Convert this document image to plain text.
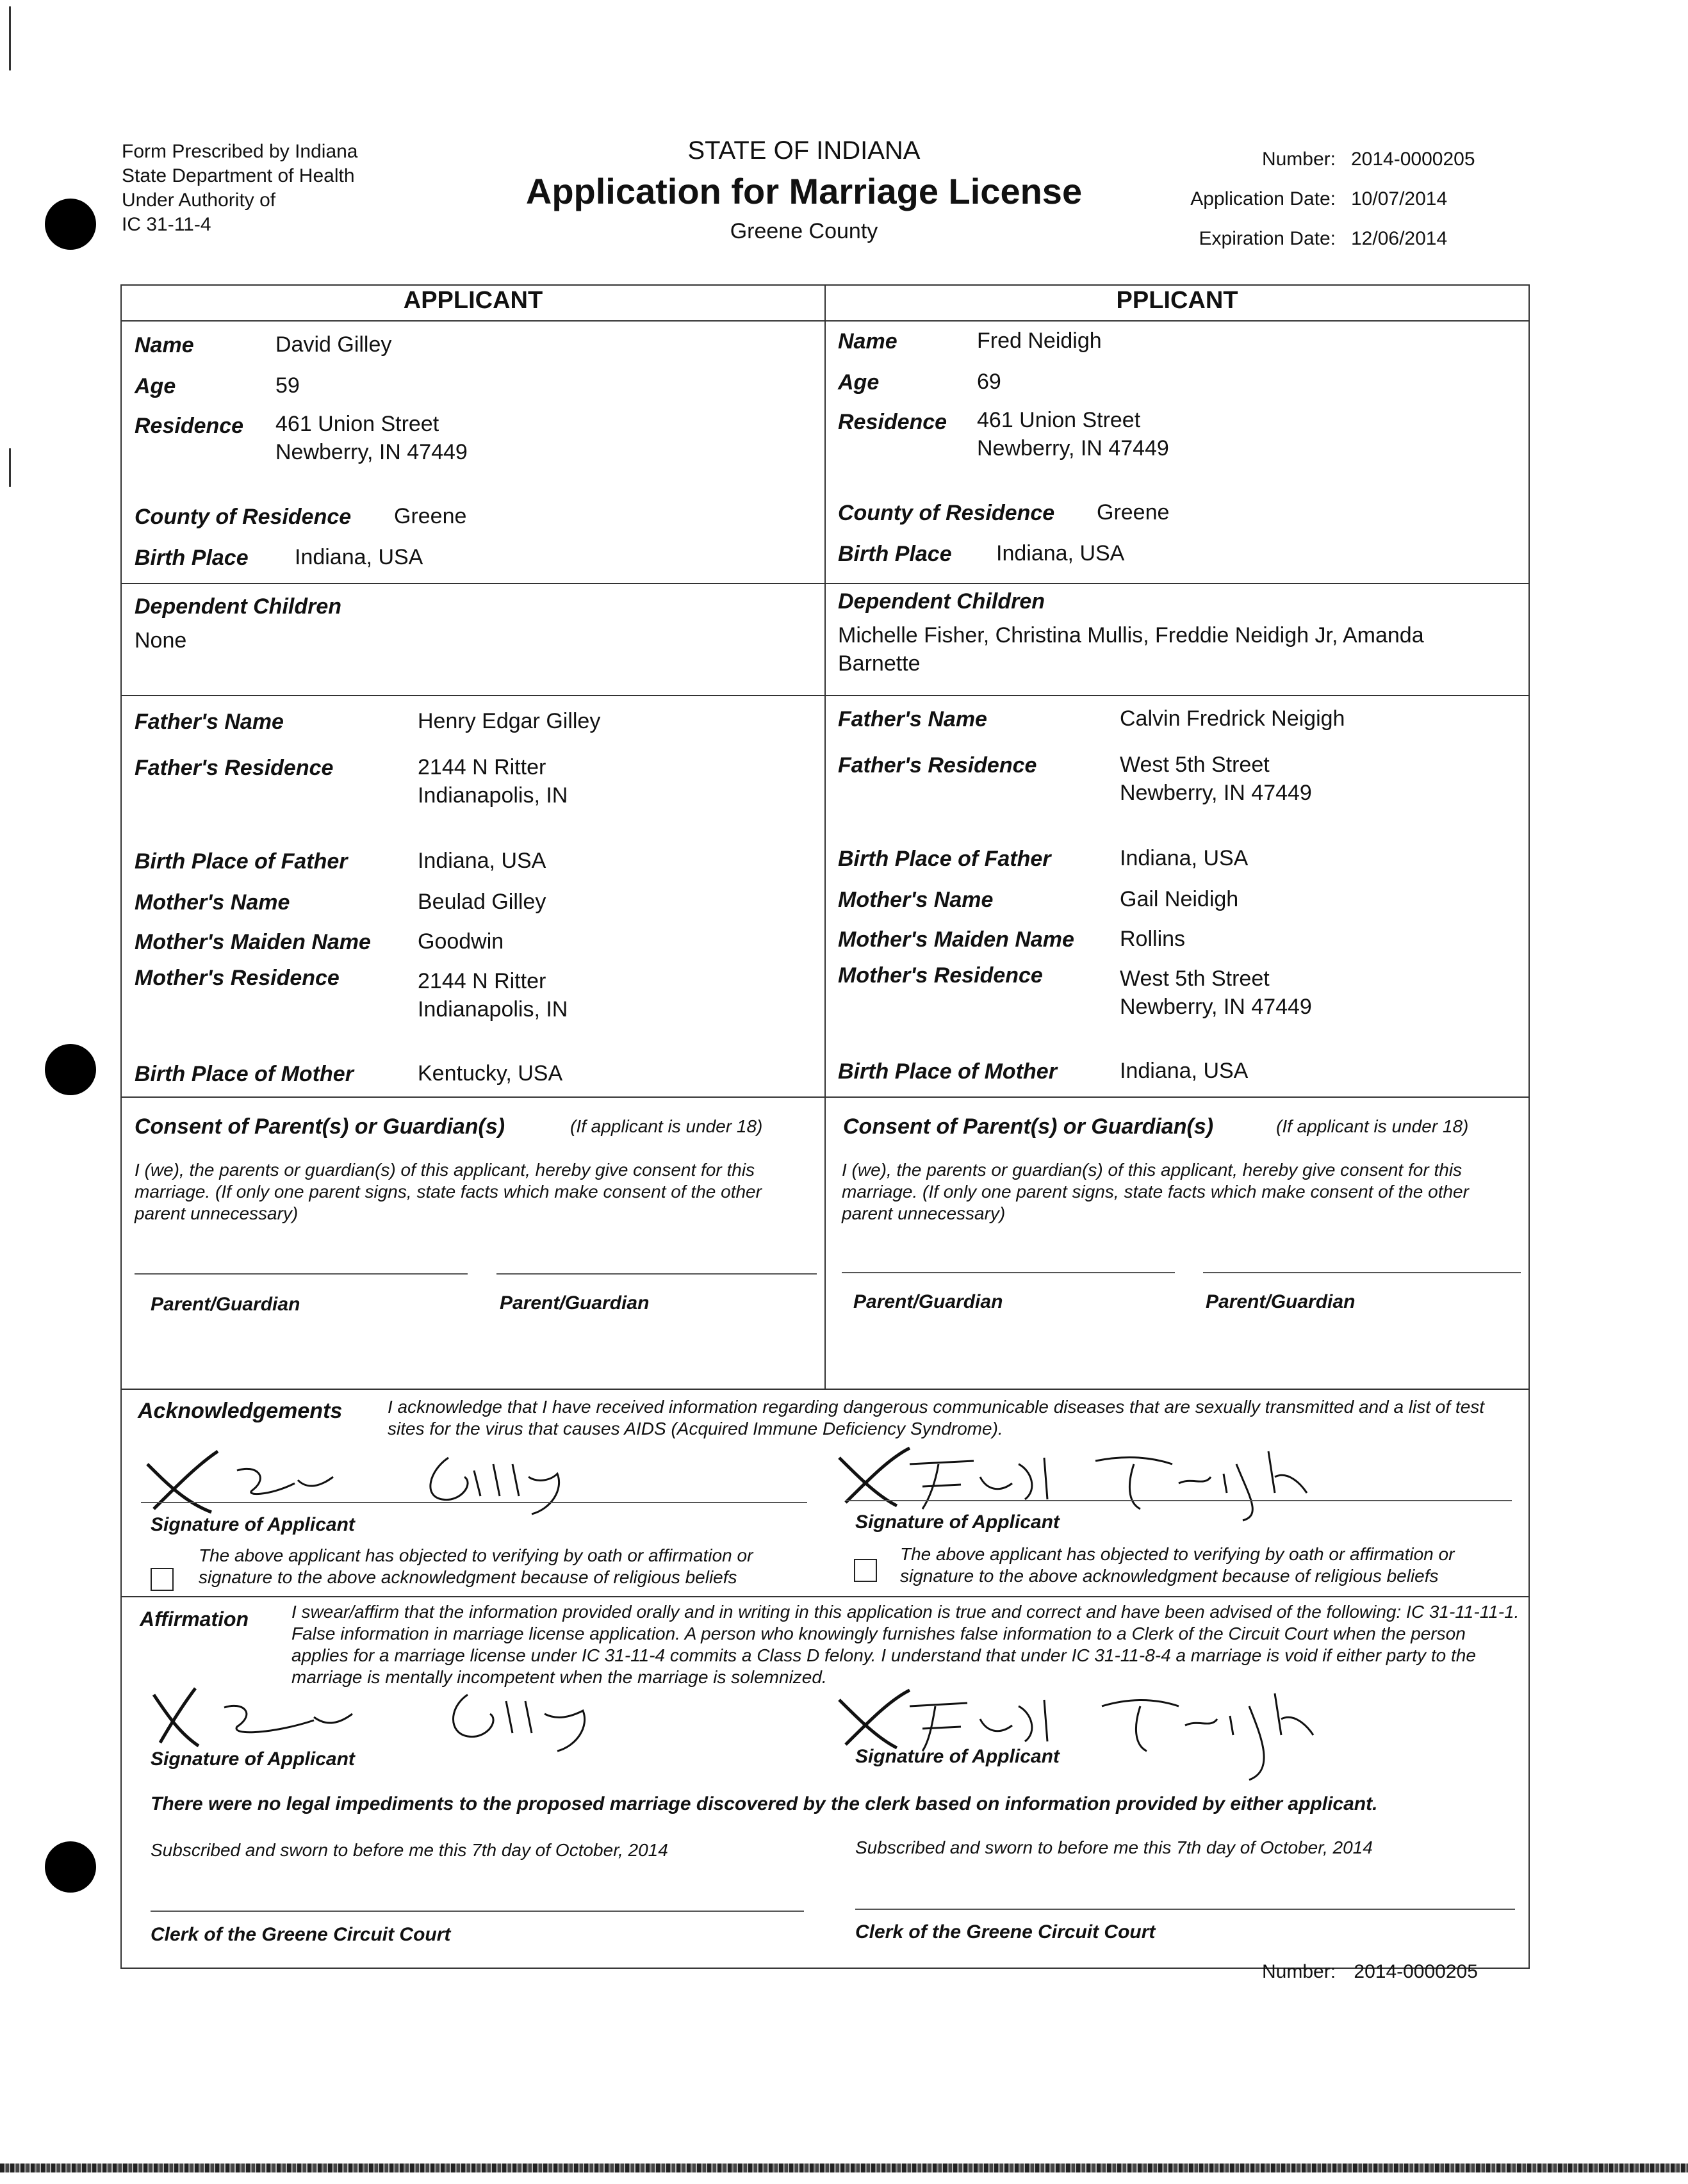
Form Prescribed by Indiana
State Department of Health
Under Authority of
IC 31-11-4
STATE OF INDIANA
Application for Marriage License
Greene County
Number: 2014-0000205
Application Date: 10/07/2014
Expiration Date: 12/06/2014
APPLICANT	PPLICANT
Name	David Gilley
Age	59
Residence 461 Union Street
Newberry, IN 47449
County of Residence Greene
Birth Place Indiana, USA
Dependent Children
None
Father's Name	Henry Edgar Gilley
Father's Residence	2144 N Ritter
Indianapolis, IN
Birth Place of Father	Indiana, USA
Mother's Name	Beulad Gilley
Mother's Maiden Name Goodwin
Mother's Residence	2144 N Ritter
Indianapolis, IN
Birth Place of Mother	Kentucky, USA
Name	Fred Neidigh
Age	69
Residence 461 Union Street
Newberry, IN 47449
County of Residence Greene
Birth Place Indiana, USA
Dependent Children
Michelle Fisher, Christina Mullis, Freddie Neidigh Jr, Amanda Barnette
Father's Name	Calvin Fredrick Neigigh
Father's Residence	West 5th Street
Newberry, IN 47449
Birth Place of Father	Indiana, USA
Mother's Name	Gail Neidigh
Mother's Maiden Name Rollins
Mother's Residence	West 5th Street
Newberry, IN 47449
Birth Place of Mother	Indiana, USA
Consent of Parent(s) or Guardian(s)	(If applicant is under 18)
I (we), the parents or guardian(s) of this applicant, hereby give consent for this marriage. (If only one parent signs, state facts which make consent of the other parent unnecessary)
Parent/Guardian	Parent/Guardian
Consent of Parent(s) or Guardian(s)	(If applicant is under 18)
I (we), the parents or guardian(s) of this applicant, hereby give consent for this marriage. (If only one parent signs, state facts which make consent of the other parent unnecessary)
Parent/Guardian	Parent/Guardian
Acknowledgements	I acknowledge that I have received information regarding dangerous communicable diseases that are sexually transmitted and a list of test sites for the virus that causes AIDS (Acquired Immune Deficiency Syndrome).
Signature of Applicant	Signature of Applicant
The above applicant has objected to verifying by oath or affirmation or signature to the above acknowledgment because of religious beliefs
The above applicant has objected to verifying by oath or affirmation or signature to the above acknowledgment because of religious beliefs
Affirmation I swear/affirm that the information provided orally and in writing in this application is true and correct and have been advised of the following: IC 31-11-11-1. False information in marriage license application. A person who knowingly furnishes false information to a Clerk of the Circuit Court when the person applies for a marriage license under IC 31-11-4 commits a Class D felony. I understand that under IC 31-11-8-4 a marriage is void if either party to the marriage is mentally incompetent when the marriage is solemnized.
Signature of Applicant	Signature of Applicant
There were no legal impediments to the proposed marriage discovered by the clerk based on information provided by either applicant.
Subscribed and sworn to before me this 7th day of October, 2014	Subscribed and sworn to before me this 7th day of October, 2014
Clerk of the Greene Circuit Court	Clerk of the Greene Circuit Court
Number: 2014-0000205
